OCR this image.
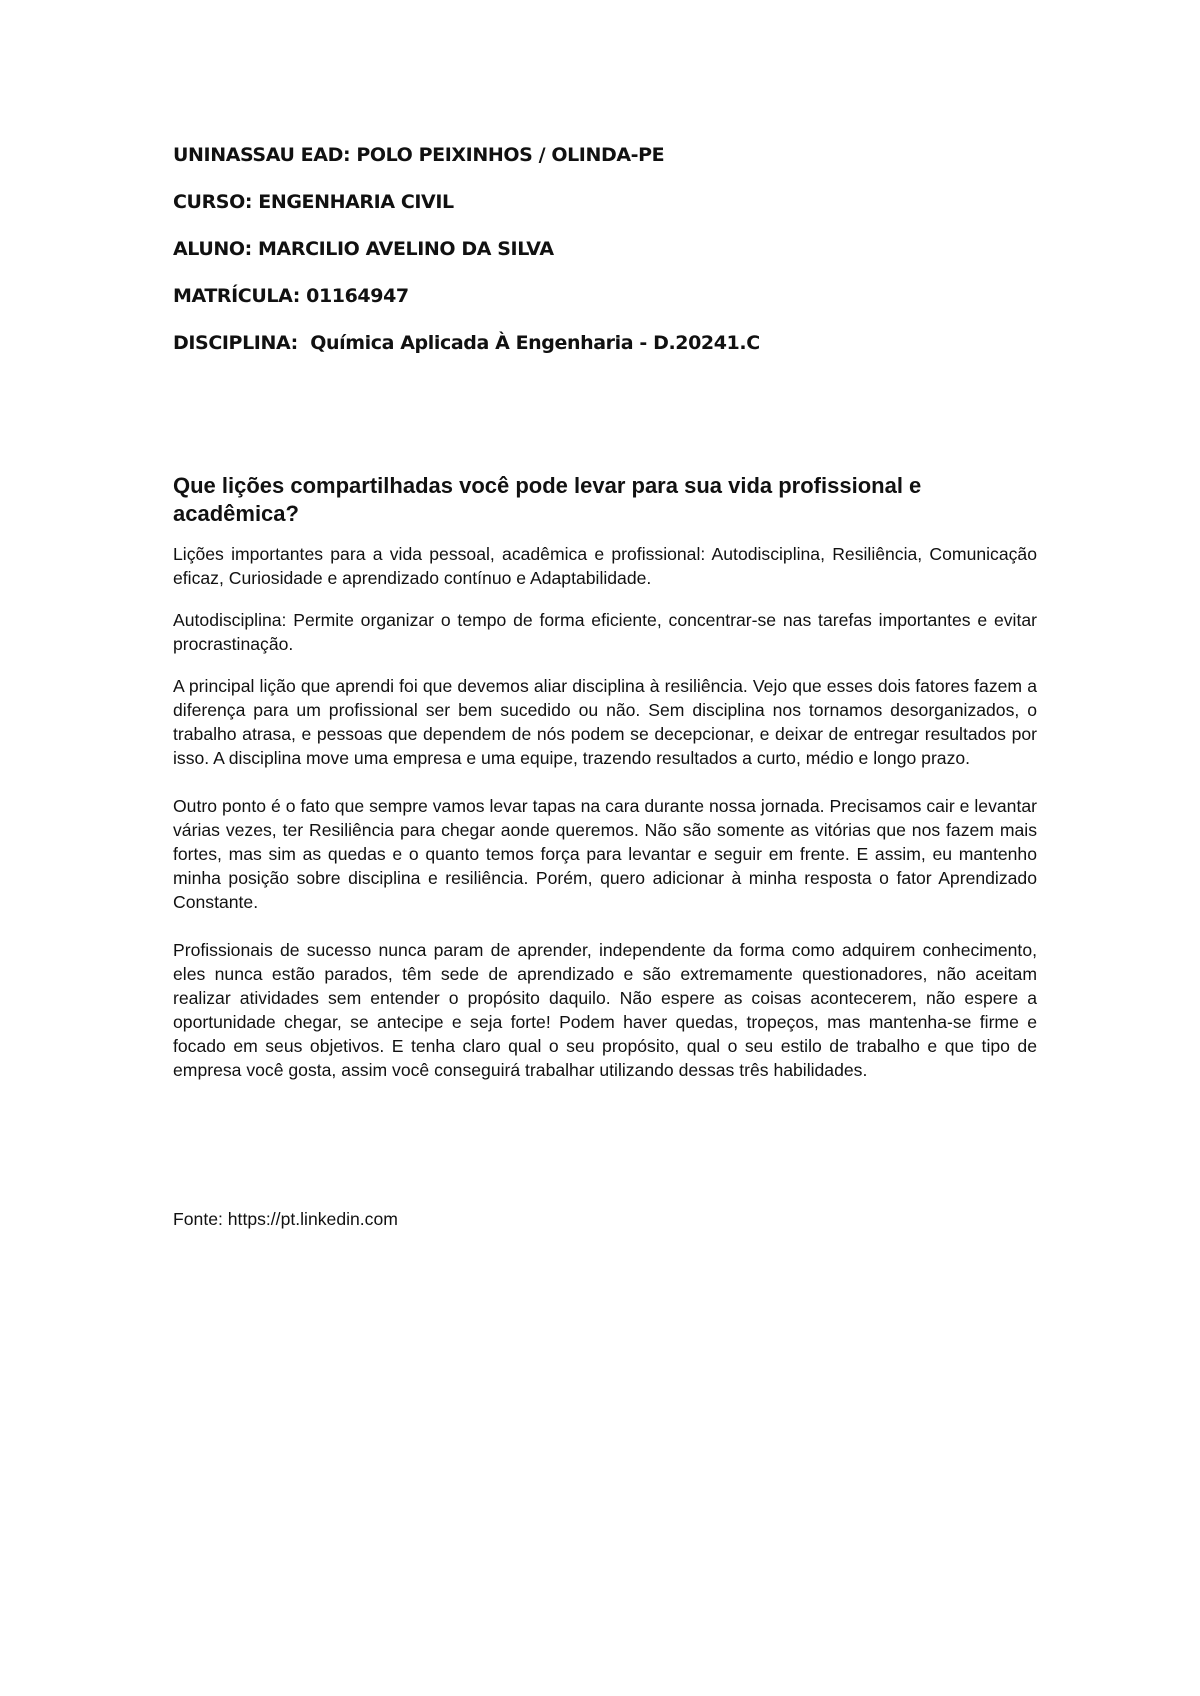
UNINASSAU EAD: POLO PEIXINHOS / OLINDA-PE
CURSO: ENGENHARIA CIVIL
ALUNO: MARCILIO AVELINO DA SILVA
MATRÍCULA: 01164947
DISCIPLINA: Química Aplicada À Engenharia - D.20241.C
Que lições compartilhadas você pode levar para sua vida profissional e acadêmica?

Lições importantes para a vida pessoal, acadêmica e profissional: Autodisciplina, Resiliência, Comunicação eficaz, Curiosidade e aprendizado contínuo e Adaptabilidade.

Autodisciplina: Permite organizar o tempo de forma eficiente, concentrar-se nas tarefas importantes e evitar procrastinação.

A principal lição que aprendi foi que devemos aliar disciplina à resiliência. Vejo que esses dois fatores fazem a diferença para um profissional ser bem sucedido ou não. Sem disciplina nos tornamos desorganizados, o trabalho atrasa, e pessoas que dependem de nós podem se decepcionar, e deixar de entregar resultados por isso. A disciplina move uma empresa e uma equipe, trazendo resultados a curto, médio e longo prazo.

Outro ponto é o fato que sempre vamos levar tapas na cara durante nossa jornada. Precisamos cair e levantar várias vezes, ter Resiliência para chegar aonde queremos. Não são somente as vitórias que nos fazem mais fortes, mas sim as quedas e o quanto temos força para levantar e seguir em frente. E assim, eu mantenho minha posição sobre disciplina e resiliência. Porém, quero adicionar à minha resposta o fator Aprendizado Constante.

Profissionais de sucesso nunca param de aprender, independente da forma como adquirem conhecimento, eles nunca estão parados, têm sede de aprendizado e são extremamente questionadores, não aceitam realizar atividades sem entender o propósito daquilo. Não espere as coisas acontecerem, não espere a oportunidade chegar, se antecipe e seja forte! Podem haver quedas, tropeços, mas mantenha-se firme e focado em seus objetivos. E tenha claro qual o seu propósito, qual o seu estilo de trabalho e que tipo de empresa você gosta, assim você conseguirá trabalhar utilizando dessas três habilidades.

Fonte: https://pt.linkedin.com
